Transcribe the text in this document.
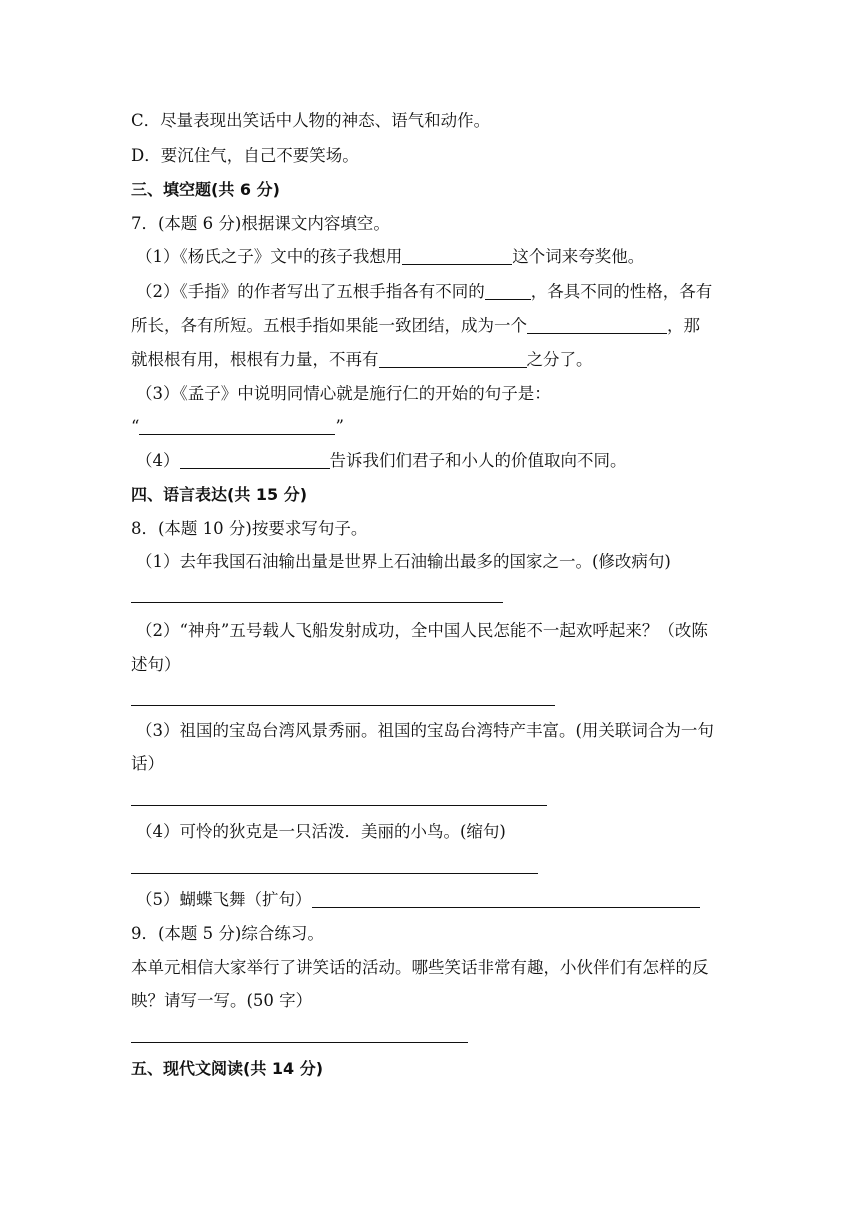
C．尽量表现出笑话中人物的神态、语气和动作。
D．要沉住气，自己不要笑场。
三、填空题(共 6 分)
7．(本题 6 分)根据课文内容填空。
（1）《杨氏之子》文中的孩子我想用	这个词来夸奖他。
（2）《手指》的作者写出了五根手指各有不同的	，各具不同的性格，各有
所长，各有所短。五根手指如果能一致团结，成为一个	，那
就根根有用，根根有力量，不再有	之分了。
（3）《孟子》中说明同情心就是施行仁的开始的句子是：
“	”
（4）	告诉我们们君子和小人的价值取向不同。
四、语言表达(共 15 分)
8．(本题 10 分)按要求写句子。
（1）去年我国石油输出量是世界上石油输出最多的国家之一。(修改病句)
（2）“神舟”五号载人飞船发射成功，全中国人民怎能不一起欢呼起来？（改陈
述句）
（3）祖国的宝岛台湾风景秀丽。祖国的宝岛台湾特产丰富。(用关联词合为一句
话）
（4）可怜的狄克是一只活泼．美丽的小鸟。(缩句)
（5）蝴蝶飞舞（扩句）
9．(本题 5 分)综合练习。
本单元相信大家举行了讲笑话的活动。哪些笑话非常有趣，小伙伴们有怎样的反
映？请写一写。(50 字）
五、现代文阅读(共 14 分)
